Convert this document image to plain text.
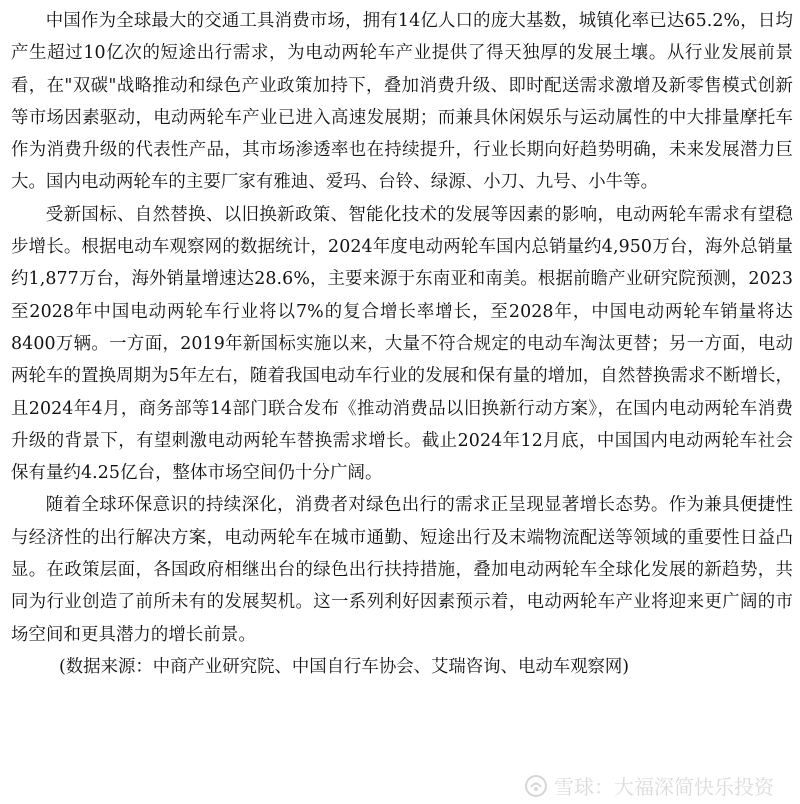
中国作为全球最大的交通工具消费市场，拥有14亿人口的庞大基数，城镇化率已达65.2%，日均产生超过10亿次的短途出行需求，为电动两轮车产业提供了得天独厚的发展土壤。从行业发展前景看，在"双碳"战略推动和绿色产业政策加持下，叠加消费升级、即时配送需求激增及新零售模式创新等市场因素驱动，电动两轮车产业已进入高速发展期；而兼具休闲娱乐与运动属性的中大排量摩托车作为消费升级的代表性产品，其市场渗透率也在持续提升，行业长期向好趋势明确，未来发展潜力巨大。国内电动两轮车的主要厂家有雅迪、爱玛、台铃、绿源、小刀、九号、小牛等。

受新国标、自然替换、以旧换新政策、智能化技术的发展等因素的影响，电动两轮车需求有望稳步增长。根据电动车观察网的数据统计，2024年度电动两轮车国内总销量约4,950万台，海外总销量约1,877万台，海外销量增速达28.6%，主要来源于东南亚和南美。根据前瞻产业研究院预测，2023至2028年中国电动两轮车行业将以7%的复合增长率增长，至2028年，中国电动两轮车销量将达8400万辆。一方面，2019年新国标实施以来，大量不符合规定的电动车淘汰更替；另一方面，电动两轮车的置换周期为5年左右，随着我国电动车行业的发展和保有量的增加，自然替换需求不断增长，且2024年4月，商务部等14部门联合发布《推动消费品以旧换新行动方案》，在国内电动两轮车消费升级的背景下，有望刺激电动两轮车替换需求增长。截止2024年12月底，中国国内电动两轮车社会保有量约4.25亿台，整体市场空间仍十分广阔。

随着全球环保意识的持续深化，消费者对绿色出行的需求正呈现显著增长态势。作为兼具便捷性与经济性的出行解决方案，电动两轮车在城市通勤、短途出行及末端物流配送等领域的重要性日益凸显。在政策层面，各国政府相继出台的绿色出行扶持措施，叠加电动两轮车全球化发展的新趋势，共同为行业创造了前所未有的发展契机。这一系列利好因素预示着，电动两轮车产业将迎来更广阔的市场空间和更具潜力的增长前景。

(数据来源：中商产业研究院、中国自行车协会、艾瑞咨询、电动车观察网)

雪球：大福深简快乐投资
